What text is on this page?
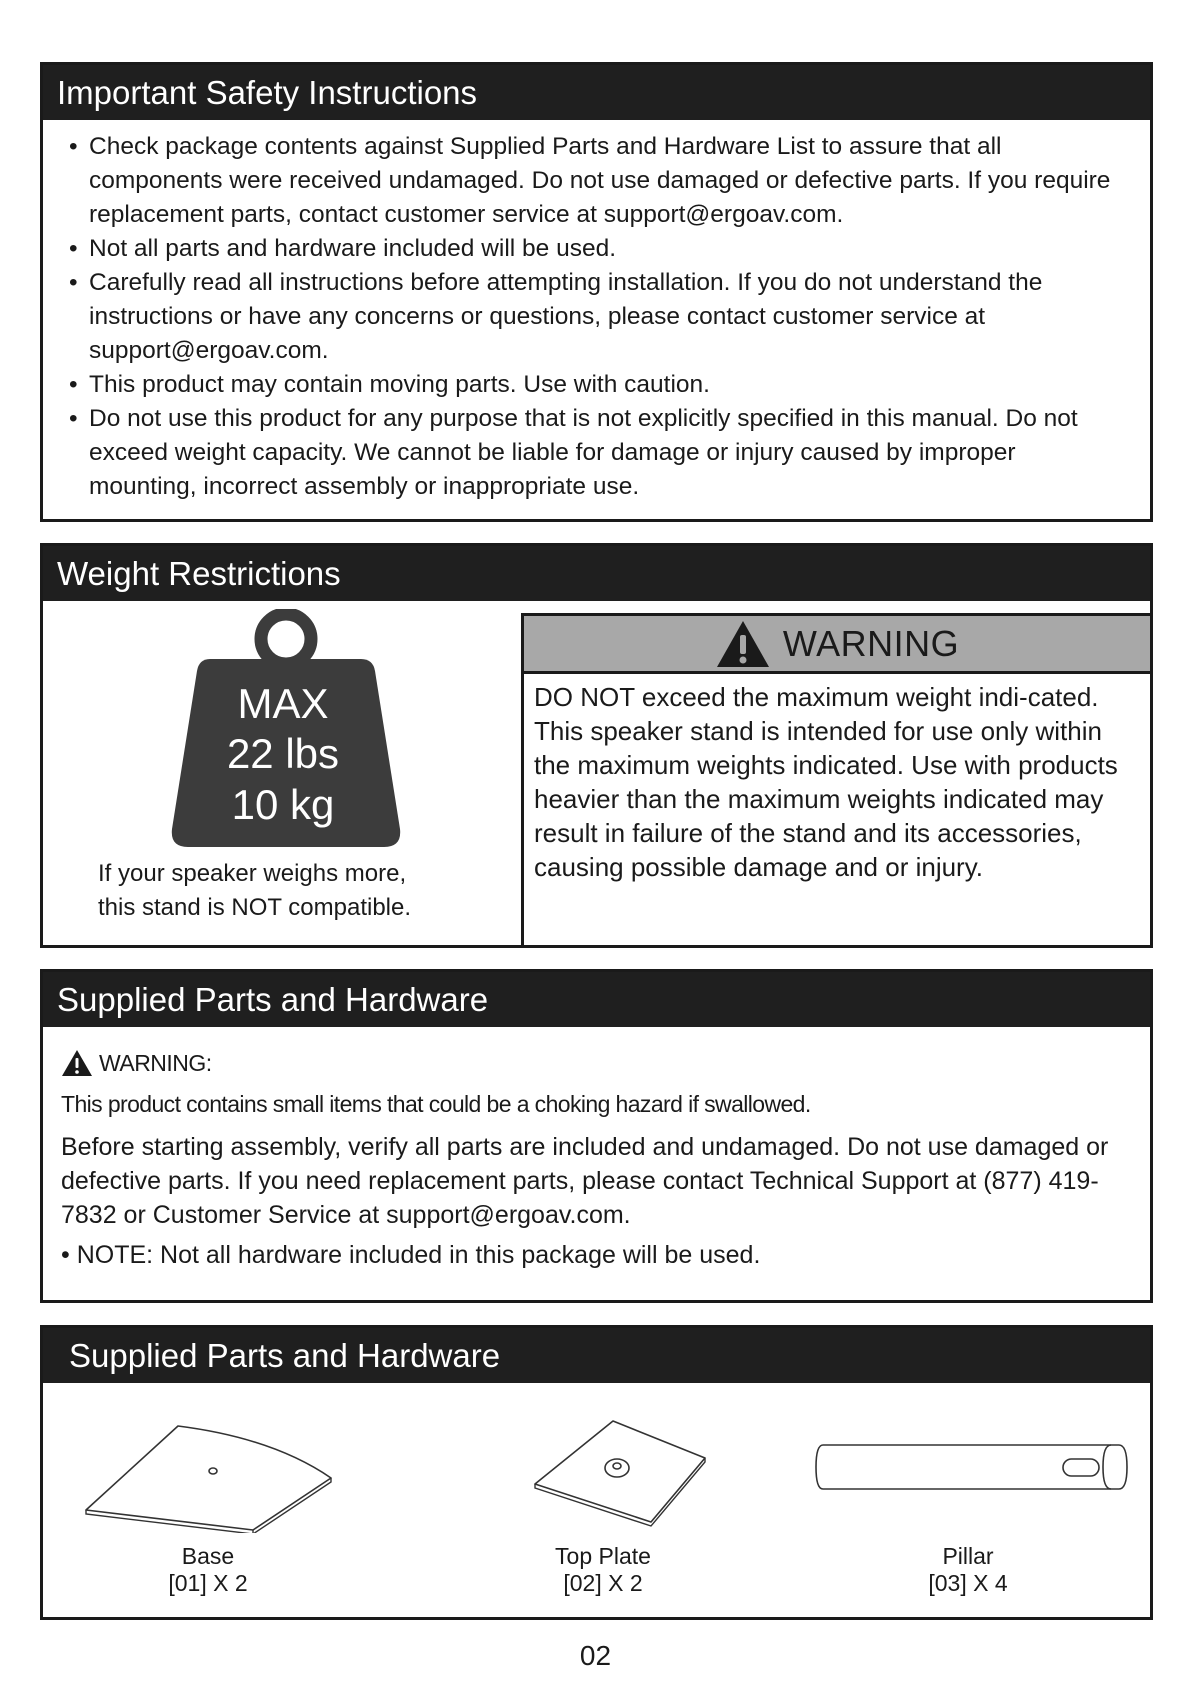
Important Safety Instructions
• Check package contents against Supplied Parts and Hardware List to assure that all components were received undamaged. Do not use damaged or defective parts. If you require replacement parts, contact customer service at support@ergoav.com.
• Not all parts and hardware included will be used.
• Carefully read all instructions before attempting installation. If you do not understand the instructions or have any concerns or questions, please contact customer service at support@ergoav.com.
• This product may contain moving parts. Use with caution.
• Do not use this product for any purpose that is not explicitly specified in this manual. Do not exceed weight capacity. We cannot be liable for damage or injury caused by improper mounting, incorrect assembly or inappropriate use.
Weight Restrictions
MAX
22 lbs
10 kg
If your speaker weighs more,
this stand is NOT compatible.
WARNING
DO NOT exceed the maximum weight indi-cated. This speaker stand is intended for use only within the maximum weights indicated. Use with products heavier than the maximum weights indicated may result in failure of the stand and its accessories, causing possible damage and or injury.
Supplied Parts and Hardware
WARNING:
This product contains small items that could be a choking hazard if swallowed.
Before starting assembly, verify all parts are included and undamaged. Do not use damaged or defective parts. If you need replacement parts, please contact Technical Support at (877) 419-7832 or Customer Service at support@ergoav.com.
• NOTE: Not all hardware included in this package will be used.
Supplied Parts and Hardware
Base
[01] X 2
Top Plate
[02] X 2
Pillar
[03] X 4
02
